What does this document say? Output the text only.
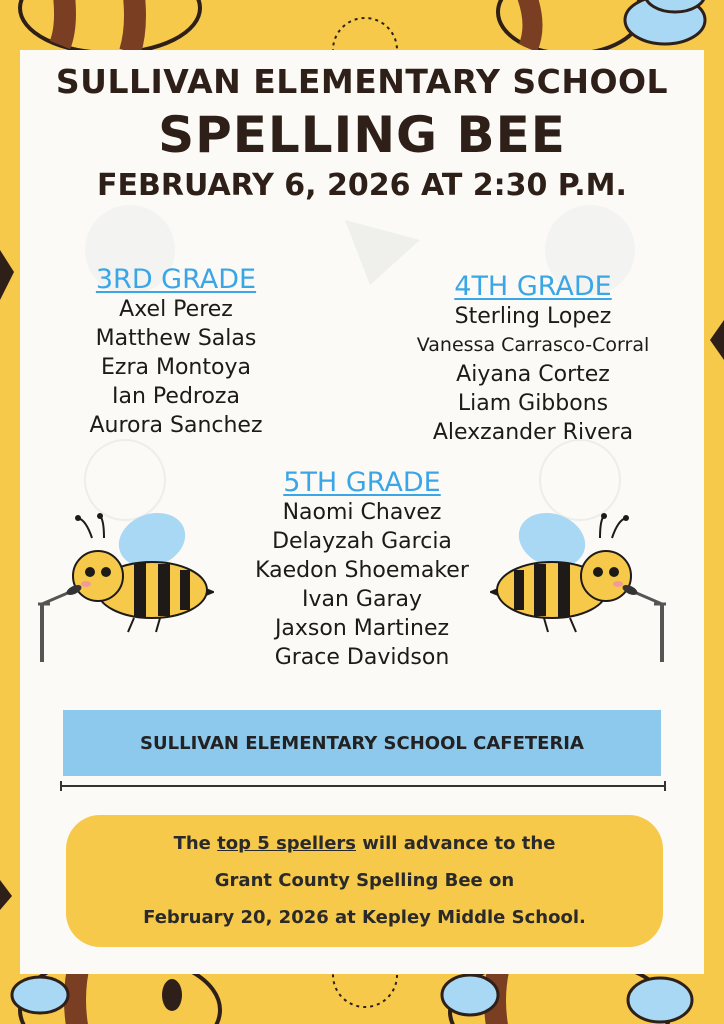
SULLIVAN ELEMENTARY SCHOOL
SPELLING BEE
FEBRUARY 6, 2026 AT 2:30 P.M.
3RD GRADE
Axel Perez
Matthew Salas
Ezra Montoya
Ian Pedroza
Aurora Sanchez
4TH GRADE
Sterling Lopez
Vanessa Carrasco-Corral
Aiyana Cortez
Liam Gibbons
Alexzander Rivera
5TH GRADE
Naomi Chavez
Delayzah Garcia
Kaedon Shoemaker
Ivan Garay
Jaxson Martinez
Grace Davidson
SULLIVAN ELEMENTARY SCHOOL CAFETERIA
The top 5 spellers will advance to the
Grant County Spelling Bee on
February 20, 2026 at Kepley Middle School.
